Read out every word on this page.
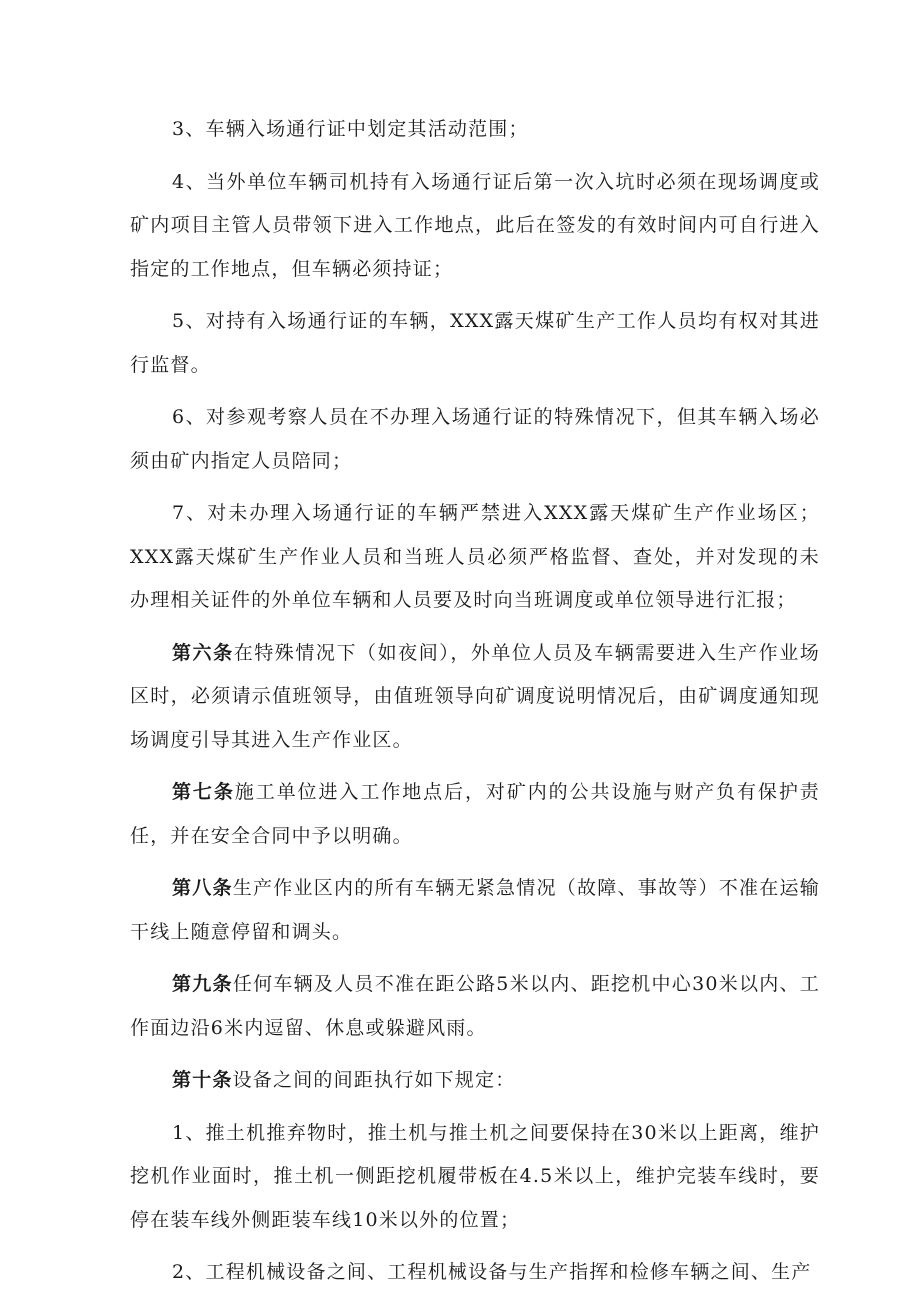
3、车辆入场通行证中划定其活动范围；

4、当外单位车辆司机持有入场通行证后第一次入坑时必须在现场调度或矿内项目主管人员带领下进入工作地点，此后在签发的有效时间内可自行进入指定的工作地点，但车辆必须持证；

5、对持有入场通行证的车辆，XXX露天煤矿生产工作人员均有权对其进行监督。

6、对参观考察人员在不办理入场通行证的特殊情况下，但其车辆入场必须由矿内指定人员陪同；

7、对未办理入场通行证的车辆严禁进入XXX露天煤矿生产作业场区；XXX露天煤矿生产作业人员和当班人员必须严格监督、查处，并对发现的未办理相关证件的外单位车辆和人员要及时向当班调度或单位领导进行汇报；

第六条在特殊情况下（如夜间），外单位人员及车辆需要进入生产作业场区时，必须请示值班领导，由值班领导向矿调度说明情况后，由矿调度通知现场调度引导其进入生产作业区。

第七条施工单位进入工作地点后，对矿内的公共设施与财产负有保护责任，并在安全合同中予以明确。

第八条生产作业区内的所有车辆无紧急情况（故障、事故等）不准在运输干线上随意停留和调头。

第九条任何车辆及人员不准在距公路5米以内、距挖机中心30米以内、工作面边沿6米内逗留、休息或躲避风雨。

第十条设备之间的间距执行如下规定：

1、推土机推弃物时，推土机与推土机之间要保持在30米以上距离，维护挖机作业面时，推土机一侧距挖机履带板在4.5米以上，维护完装车线时，要停在装车线外侧距装车线10米以外的位置；

2、工程机械设备之间、工程机械设备与生产指挥和检修车辆之间、生产
